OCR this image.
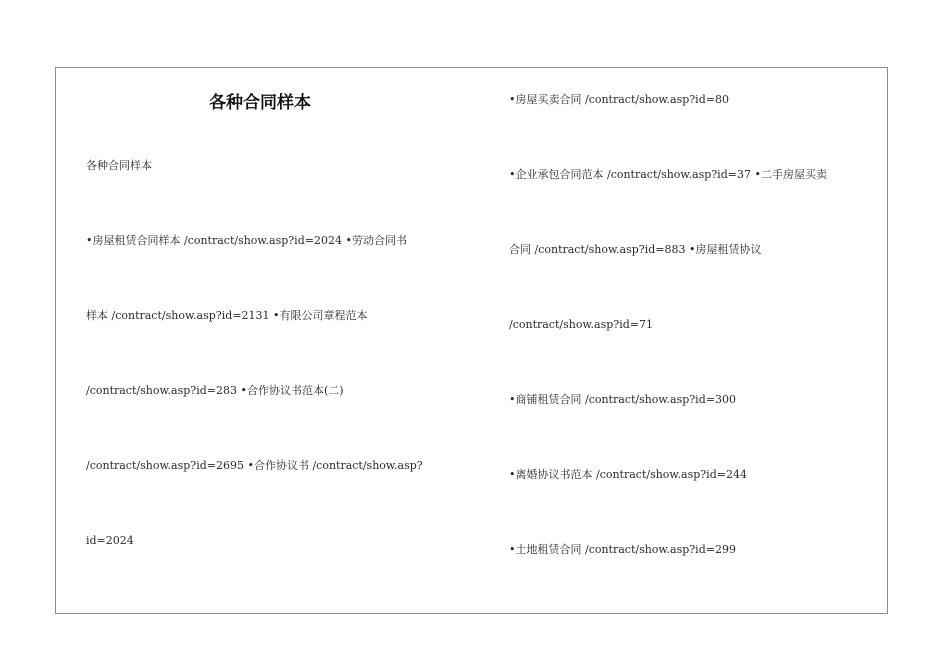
各种合同样本
各种合同样本
•房屋租赁合同样本 /contract/show.asp?id=2024 •劳动合同书
样本 /contract/show.asp?id=2131 •有限公司章程范本
/contract/show.asp?id=283 •合作协议书范本(二)
/contract/show.asp?id=2695 •合作协议书 /contract/show.asp?
id=2024
•房屋买卖合同 /contract/show.asp?id=80
•企业承包合同范本 /contract/show.asp?id=37 •二手房屋买卖
合同 /contract/show.asp?id=883 •房屋租赁协议
/contract/show.asp?id=71
•商铺租赁合同 /contract/show.asp?id=300
•离婚协议书范本 /contract/show.asp?id=244
•土地租赁合同 /contract/show.asp?id=299
